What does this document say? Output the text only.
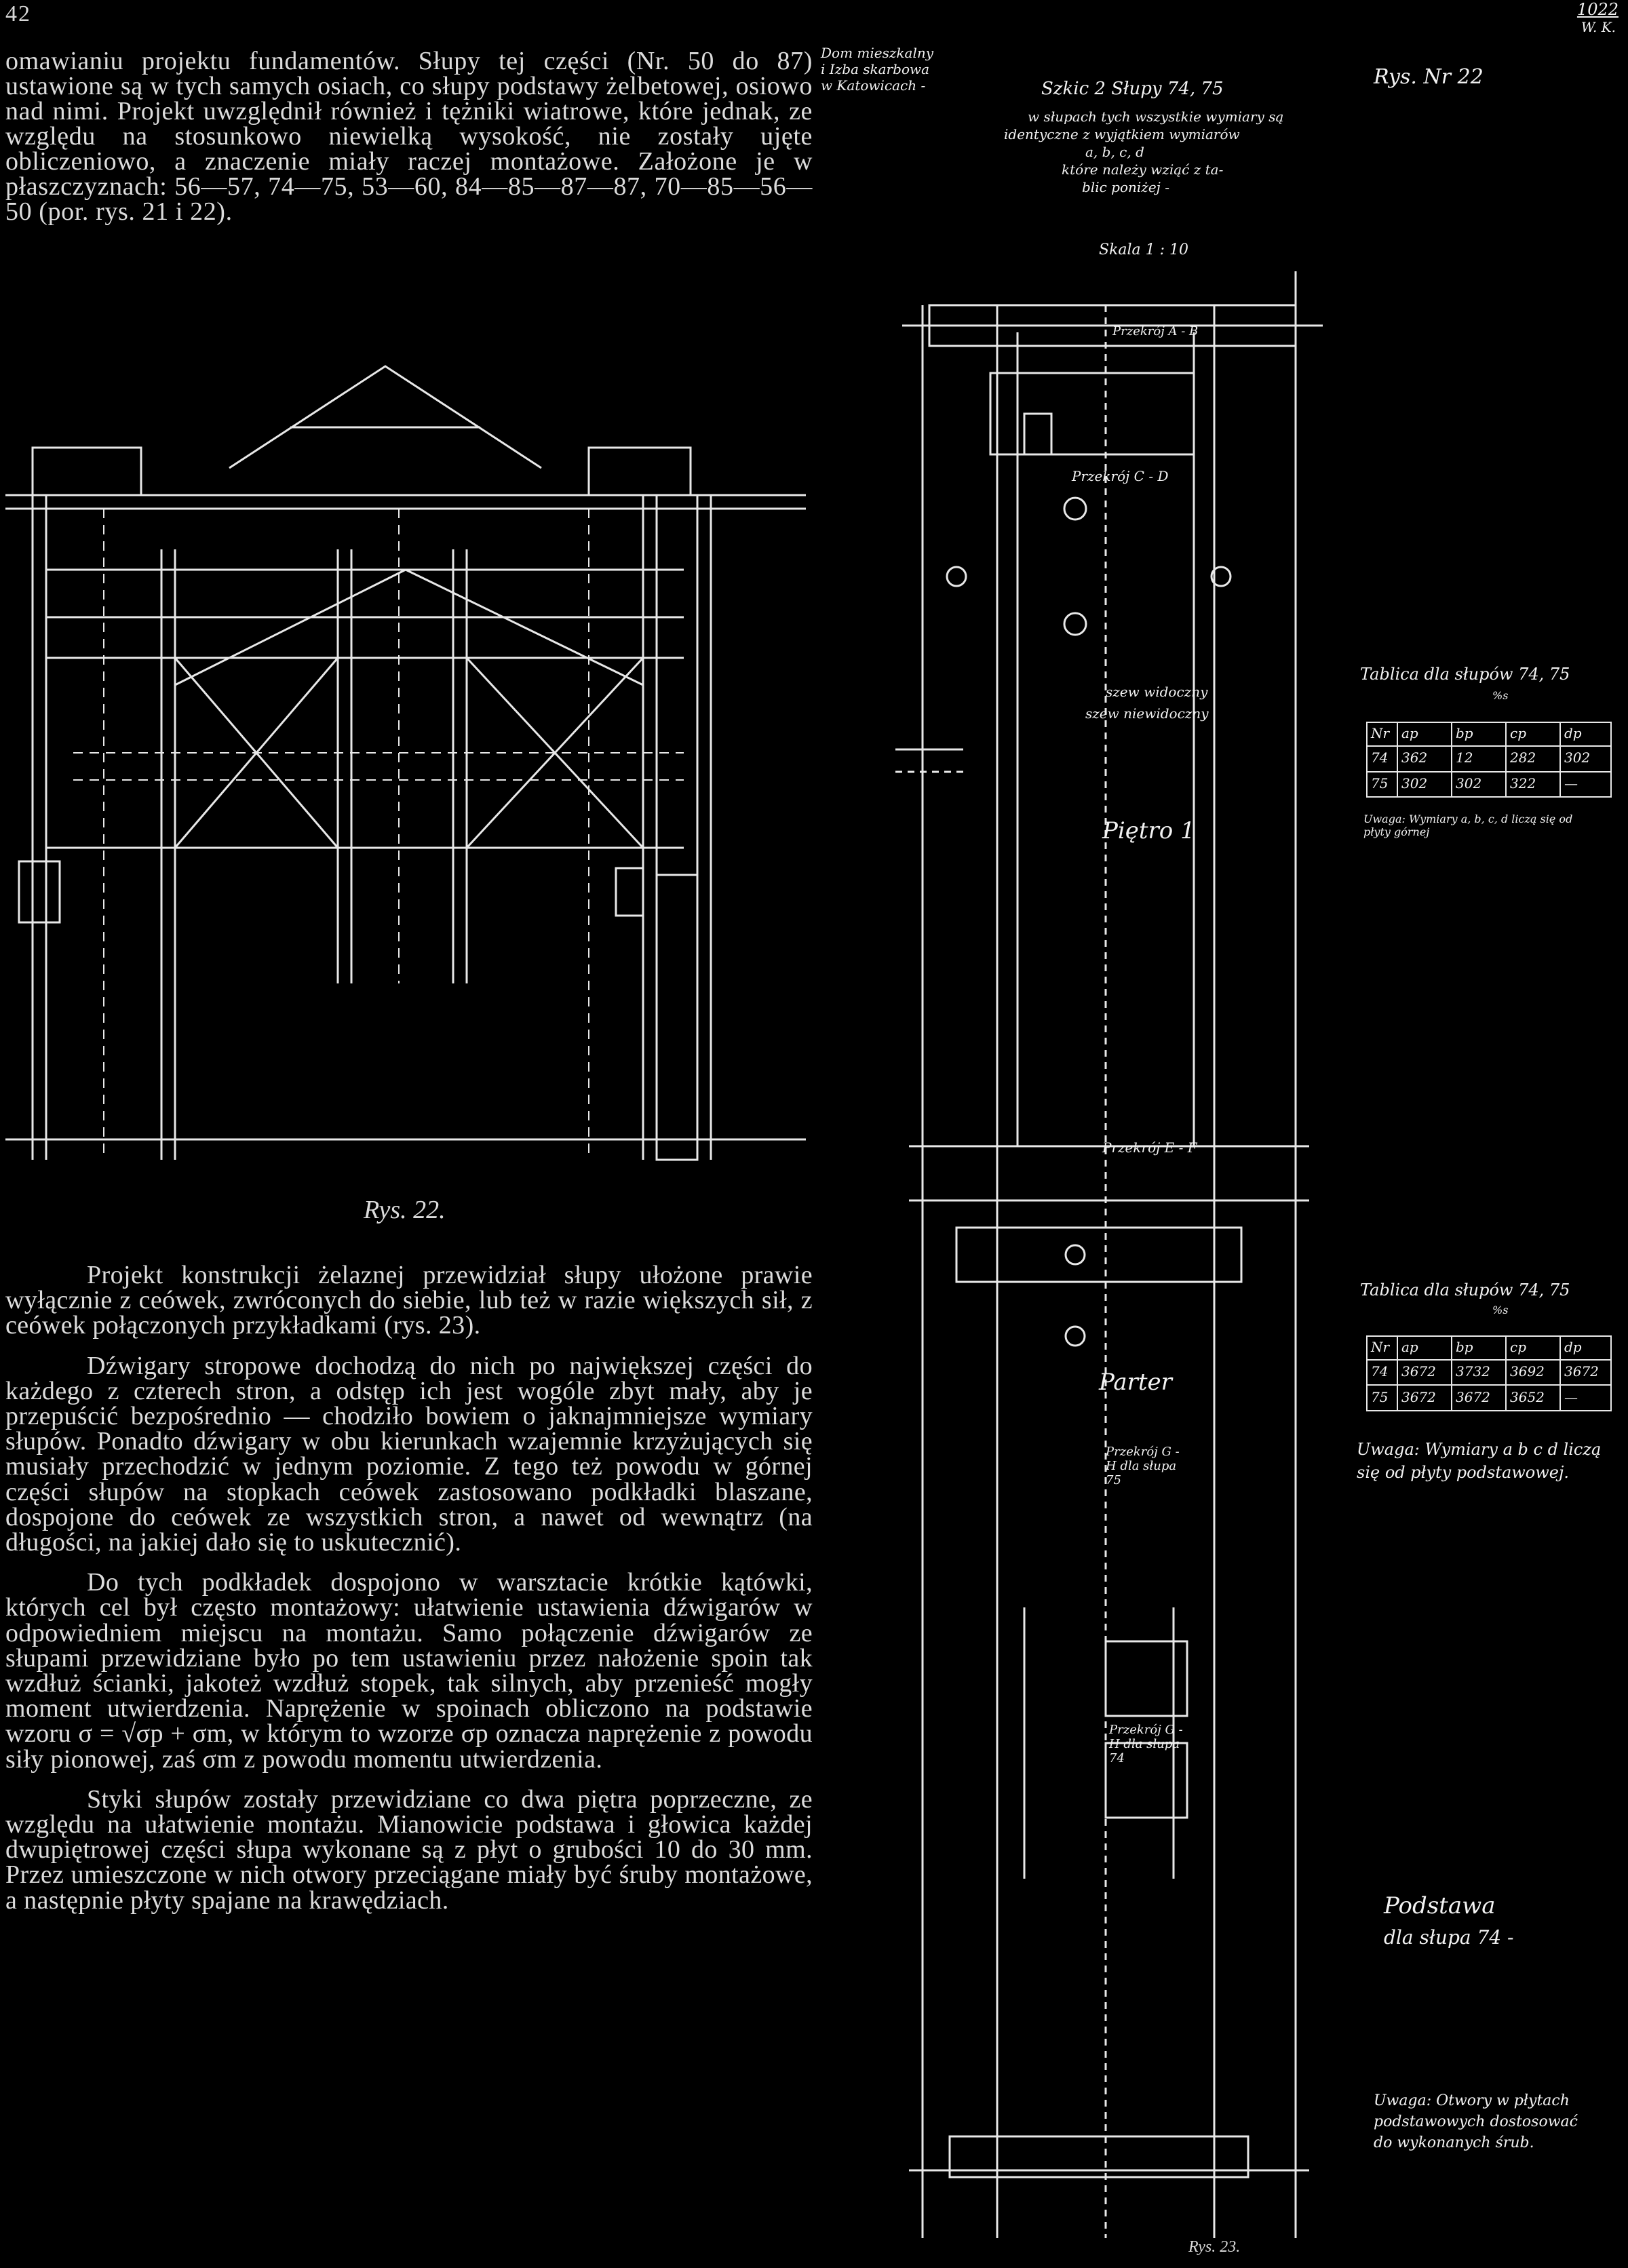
42	1022
W. K.

omawianiu projektu fundamentów. Słupy tej części (Nr. 50 do 87) ustawione są w tych samych osiach, co słupy podstawy żelbetowej, osiowo nad nimi. Projekt uwzględnił również i tężniki wiatrowe, które jednak, ze względu na stosunkowo niewielką wysokość, nie zostały ujęte obliczeniowo, a znaczenie miały raczej montażowe. Założone je w płaszczyznach: 56—57, 74—75, 53—60, 84—85—87—87, 70—85—56—50 (por. rys. 21 i 22).

Rys. 22.

Projekt konstrukcji żelaznej przewidział słupy ułożone prawie wyłącznie z ceówek, zwróconych do siebie, lub też w razie większych sił, z ceówek połączonych przykładkami (rys. 23).

Dźwigary stropowe dochodzą do nich po największej części do każdego z czterech stron, a odstęp ich jest wogóle zbyt mały, aby je przepuścić bezpośrednio — chodziło bowiem o jaknajmniejsze wymiary słupów. Ponadto dźwigary w obu kierunkach wzajemnie krzyżujących się musiały przechodzić w jednym poziomie. Z tego też powodu w górnej części słupów na stopkach ceówek zastosowano podkładki blaszane, dospojone do ceówek ze wszystkich stron, a nawet od wewnątrz (na długości, na jakiej dało się to uskutecznić).

Do tych podkładek dospojono w warsztacie krótkie kątówki, których cel był często montażowy: ułatwienie ustawienia dźwigarów w odpowiedniem miejscu na montażu. Samo połączenie dźwigarów ze słupami przewidziane było po tem ustawieniu przez nałożenie spoin tak wzdłuż ścianki, jakoteż wzdłuż stopek, tak silnych, aby przenieść mogły moment utwierdzenia. Naprężenie w spoinach obliczono na podstawie wzoru σ = √σp + σm, w którym to wzorze σp oznacza naprężenie z powodu siły pionowej, zaś σm z powodu momentu utwierdzenia.

Styki słupów zostały przewidziane co dwa piętra poprzeczne, ze względu na ułatwienie montażu. Mianowicie podstawa i głowica każdej dwupiętrowej części słupa wykonane są z płyt o grubości 10 do 30 mm. Przez umieszczone w nich otwory przeciągane miały być śruby montażowe, a następnie płyty spajane na krawędziach.

Dom mieszkalny
i Izba skarbowa
w Katowicach -	Szkic 2 Słupy 74, 75	Rys. Nr 22
w słupach tych wszystkie wymiary są
identyczne z wyjątkiem wymiarów
a, b, c, d
które należy wziąć z ta-
blic poniżej -
Skala 1 : 10
Przekrój A - B
Przekrój C - D
szew widoczny
szew niewidoczny
Piętro 1
Przekrój E - F
Parter
Przekrój G - H dla słupa 75
Przekrój G - H dla słupa 74
Tablica dla słupów 74, 75
%s
Nr ap	bp	cp	dp
74 362 12	282 302
75 302 302 322 —
Uwaga: Wymiary a, b, c, d liczą się od płyty górnej
Tablica dla słupów 74, 75
%s
Nr ap	bp	cp	dp
74 3672 3732 3692 3672
75 3672 3672 3652 —
Uwaga: Wymiary a b c d liczą się od płyty podstawowej.
Podstawa
dla słupa 74 -
Uwaga: Otwory w płytach
podstawowych dostosować
do wykonanych śrub.
Rys. 23.
